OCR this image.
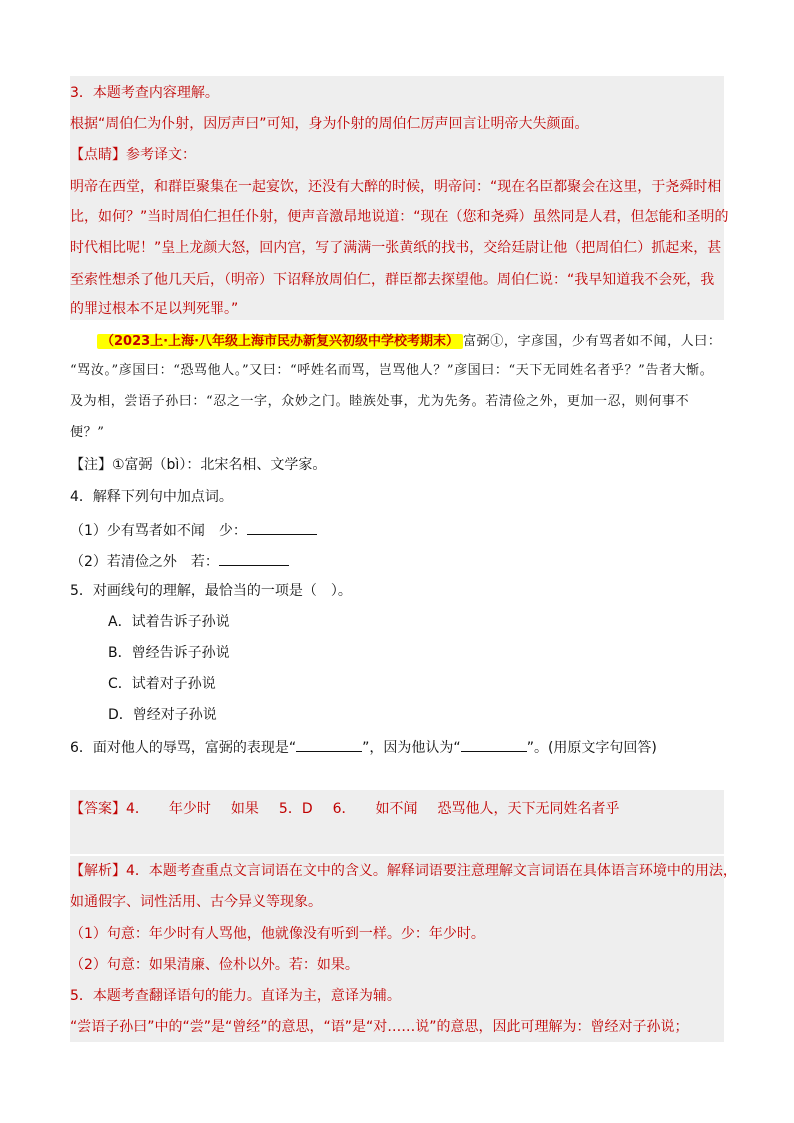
3．本题考查内容理解。
根据“周伯仁为仆射，因厉声曰”可知，身为仆射的周伯仁厉声回言让明帝大失颜面。
【点睛】参考译文：
明帝在西堂，和群臣聚集在一起宴饮，还没有大醉的时候，明帝问：“现在名臣都聚会在这里，于尧舜时相
比，如何？”当时周伯仁担任仆射，便声音激昂地说道：“现在（您和尧舜）虽然同是人君，但怎能和圣明的
时代相比呢！”皇上龙颜大怒，回内宫，写了满满一张黄纸的找书，交给廷尉让他（把周伯仁）抓起来，甚
至索性想杀了他几天后，（明帝）下诏释放周伯仁，群臣都去探望他。周伯仁说：“我早知道我不会死，我
的罪过根本不足以判死罪。”
（2023上·上海·八年级上海市民办新复兴初级中学校考期末） 富弼①，字彦国，少有骂者如不闻，人曰：
“骂汝。”彦国曰：“恐骂他人。”又曰：“呼姓名而骂，岂骂他人？”彦国曰：“天下无同姓名者乎？”告者大惭。
及为相，尝语子孙曰：“忍之一字，众妙之门。睦族处事，尤为先务。若清俭之外，更加一忍，则何事不
便？”
【注】①富弼（bì）：北宋名相、文学家。
4．解释下列句中加点词。
（1）少有骂者如不闻　少：
（2）若清俭之外　若：
5．对画线句的理解，最恰当的一项是（　）。
A．试着告诉子孙说
B．曾经告诉子孙说
C．试着对子孙说
D．曾经对子孙说
6．面对他人的辱骂，富弼的表现是“	”，因为他认为“	”。(用原文字句回答)
【答案】4． 年少时 如果 5．D 6． 如不闻 恐骂他人，天下无同姓名者乎
【解析】4．本题考查重点文言词语在文中的含义。解释词语要注意理解文言词语在具体语言环境中的用法，
如通假字、词性活用、古今异义等现象。
（1）句意：年少时有人骂他，他就像没有听到一样。少：年少时。
（2）句意：如果清廉、俭朴以外。若：如果。
5．本题考查翻译语句的能力。直译为主，意译为辅。
“尝语子孙曰”中的“尝”是“曾经”的意思，“语”是“对……说”的意思，因此可理解为：曾经对子孙说；
